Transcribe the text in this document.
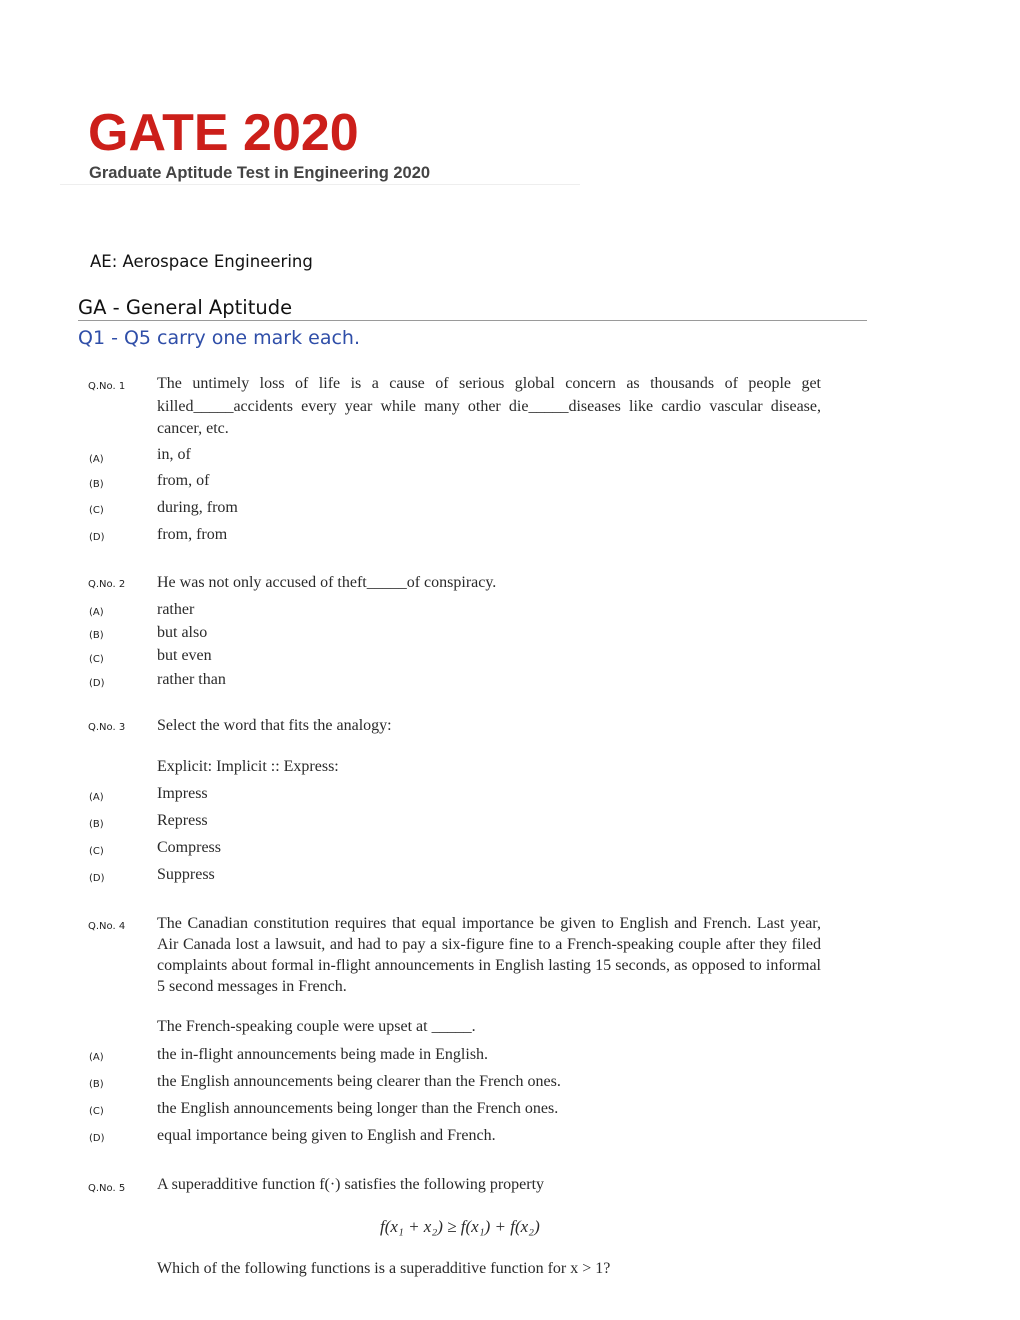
GATE 2020
Graduate Aptitude Test in Engineering 2020
AE: Aerospace Engineering
GA - General Aptitude
Q1 - Q5 carry one mark each.
Q.No. 1 The untimely loss of life is a cause of serious global concern as thousands of people get killed_____accidents every year while many other die_____diseases like cardio vascular disease, cancer, etc.
(A)	in, of
(B)	from, of
(C)	during, from
(D)	from, from
Q.No. 2 He was not only accused of theft_____of conspiracy.
(A)	rather
(B)	but also
(C)	but even
(D)	rather than
Q.No. 3 Select the word that fits the analogy:
Explicit: Implicit :: Express:
(A)	Impress
(B)	Repress
(C)	Compress
(D)	Suppress
Q.No. 4 The Canadian constitution requires that equal importance be given to English and French. Last year, Air Canada lost a lawsuit, and had to pay a six-figure fine to a French-speaking couple after they filed complaints about formal in-flight announcements in English lasting 15 seconds, as opposed to informal 5 second messages in French.
The French-speaking couple were upset at _____.
(A)	the in-flight announcements being made in English.
(B)	the English announcements being clearer than the French ones.
(C)	the English announcements being longer than the French ones.
(D)	equal importance being given to English and French.
Q.No. 5 A superadditive function f(·) satisfies the following property
f(x₁ + x₂) ≥ f(x₁) + f(x₂)
Which of the following functions is a superadditive function for x > 1?
